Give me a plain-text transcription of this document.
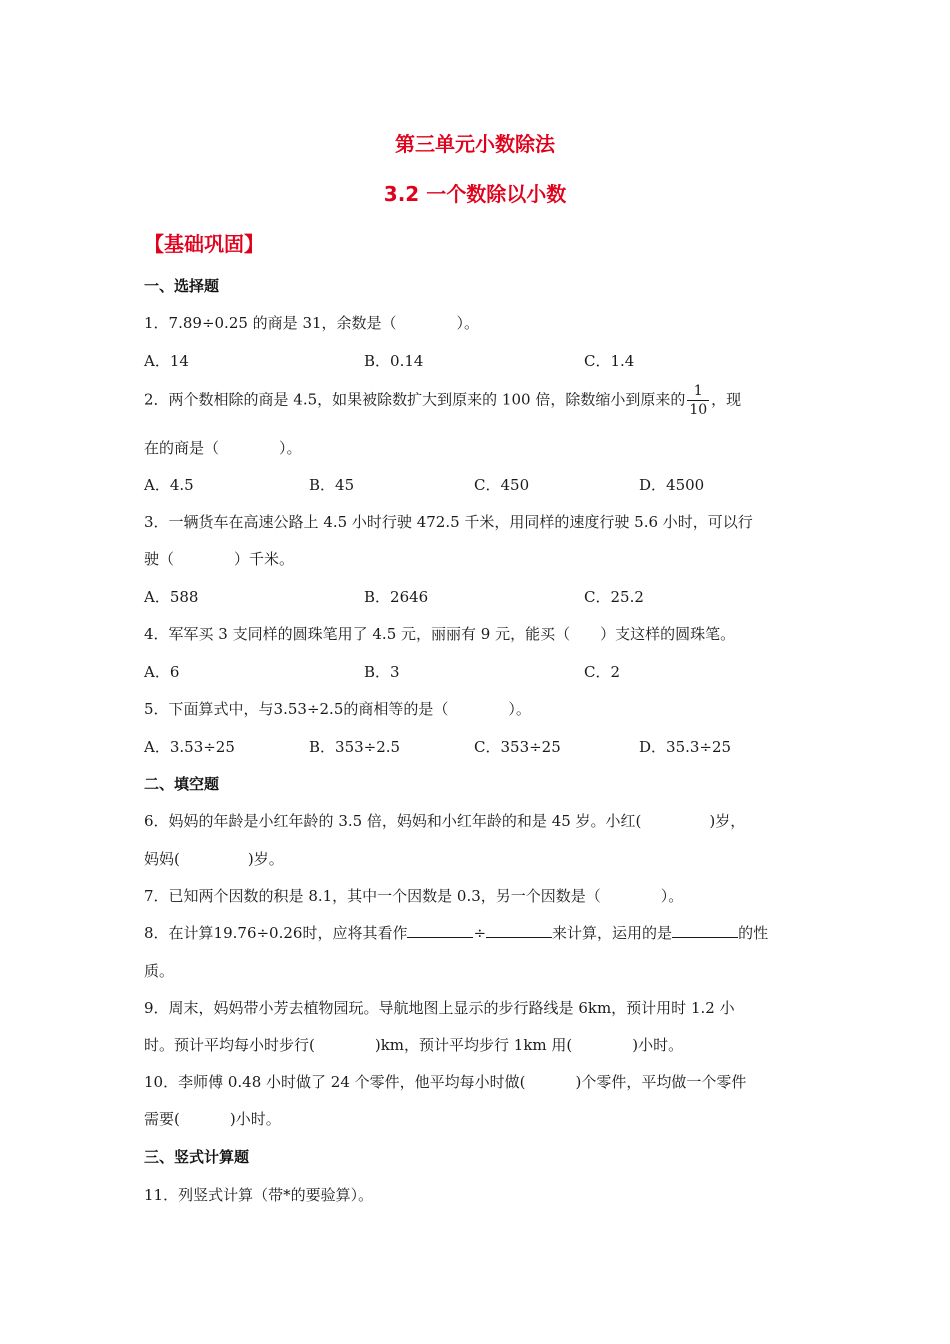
第三单元小数除法
3.2 一个数除以小数
【基础巩固】
一、选择题
1．7.89÷0.25 的商是 31，余数是（	）。
A．14	B．0.14	C．1.4
2．两个数相除的商是 4.5，如果被除数扩大到原来的 100 倍，除数缩小到原来的 $\frac{1}{10}$ ，现
在的商是（	）。
A．4.5	B．45	C．450	D．4500
3．一辆货车在高速公路上 4.5 小时行驶 472.5 千米，用同样的速度行驶 5.6 小时，可以行
驶（	）千米。
A．588	B．2646	C．25.2
4．军军买 3 支同样的圆珠笔用了 4.5 元，丽丽有 9 元，能买（ ）支这样的圆珠笔。
A．6	B．3	C．2
5．下面算式中，与3.53÷2.5的商相等的是（	）。
A．3.53÷25	B．353÷2.5	C．353÷25	D．35.3÷25
二、填空题
6．妈妈的年龄是小红年龄的 3.5 倍，妈妈和小红年龄的和是 45 岁。小红(	)岁，
妈妈(	)岁。
7．已知两个因数的积是 8.1，其中一个因数是 0.3，另一个因数是（	）。
8．在计算19.76÷0.26时，应将其看作	÷	来计算，运用的是	的性
质。
9．周末，妈妈带小芳去植物园玩。导航地图上显示的步行路线是 6km，预计用时 1.2 小
时。预计平均每小时步行(	)km，预计平均步行 1km 用(	)小时。
10．李师傅 0.48 小时做了 24 个零件，他平均每小时做(	)个零件，平均做一个零件
需要(	)小时。
三、竖式计算题
11．列竖式计算（带*的要验算）。
